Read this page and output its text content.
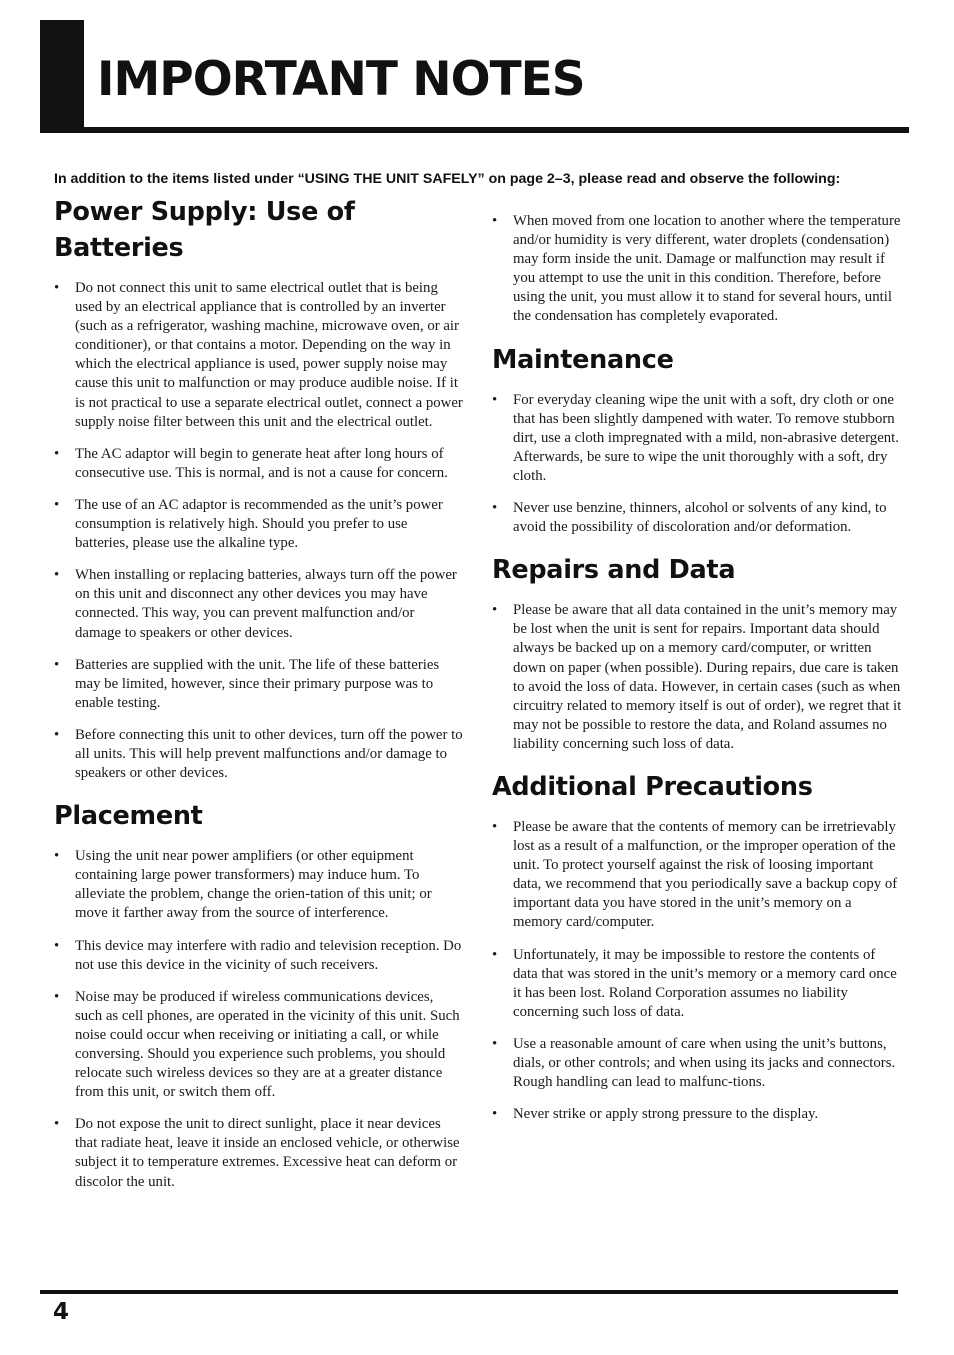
IMPORTANT NOTES

In addition to the items listed under “USING THE UNIT SAFELY” on page 2–3, please read and observe the following:

Power Supply: Use of Batteries
• Do not connect this unit to same electrical outlet that is being used by an electrical appliance that is controlled by an inverter (such as a refrigerator, washing machine, microwave oven, or air conditioner), or that contains a motor. Depending on the way in which the electrical appliance is used, power supply noise may cause this unit to malfunction or may produce audible noise. If it is not practical to use a separate electrical outlet, connect a power supply noise filter between this unit and the electrical outlet.
• The AC adaptor will begin to generate heat after long hours of consecutive use. This is normal, and is not a cause for concern.
• The use of an AC adaptor is recommended as the unit’s power consumption is relatively high. Should you prefer to use batteries, please use the alkaline type.
• When installing or replacing batteries, always turn off the power on this unit and disconnect any other devices you may have connected. This way, you can prevent malfunction and/or damage to speakers or other devices.
• Batteries are supplied with the unit. The life of these batteries may be limited, however, since their primary purpose was to enable testing.
• Before connecting this unit to other devices, turn off the power to all units. This will help prevent malfunctions and/or damage to speakers or other devices.
Placement
• Using the unit near power amplifiers (or other equipment containing large power transformers) may induce hum. To alleviate the problem, change the orien-tation of this unit; or move it farther away from the source of interference.
• This device may interfere with radio and television reception. Do not use this device in the vicinity of such receivers.
• Noise may be produced if wireless communications devices, such as cell phones, are operated in the vicinity of this unit. Such noise could occur when receiving or initiating a call, or while conversing. Should you experience such problems, you should relocate such wireless devices so they are at a greater distance from this unit, or switch them off.
• Do not expose the unit to direct sunlight, place it near devices that radiate heat, leave it inside an enclosed vehicle, or otherwise subject it to temperature extremes. Excessive heat can deform or discolor the unit.
• When moved from one location to another where the temperature and/or humidity is very different, water droplets (condensation) may form inside the unit. Damage or malfunction may result if you attempt to use the unit in this condition. Therefore, before using the unit, you must allow it to stand for several hours, until the condensation has completely evaporated.
Maintenance
• For everyday cleaning wipe the unit with a soft, dry cloth or one that has been slightly dampened with water. To remove stubborn dirt, use a cloth impregnated with a mild, non-abrasive detergent. Afterwards, be sure to wipe the unit thoroughly with a soft, dry cloth.
• Never use benzine, thinners, alcohol or solvents of any kind, to avoid the possibility of discoloration and/or deformation.
Repairs and Data
• Please be aware that all data contained in the unit’s memory may be lost when the unit is sent for repairs. Important data should always be backed up on a memory card/computer, or written down on paper (when possible). During repairs, due care is taken to avoid the loss of data. However, in certain cases (such as when circuitry related to memory itself is out of order), we regret that it may not be possible to restore the data, and Roland assumes no liability concerning such loss of data.
Additional Precautions
• Please be aware that the contents of memory can be irretrievably lost as a result of a malfunction, or the improper operation of the unit. To protect yourself against the risk of loosing important data, we recommend that you periodically save a backup copy of important data you have stored in the unit’s memory on a memory card/computer.
• Unfortunately, it may be impossible to restore the contents of data that was stored in the unit’s memory or a memory card once it has been lost. Roland Corporation assumes no liability concerning such loss of data.
• Use a reasonable amount of care when using the unit’s buttons, dials, or other controls; and when using its jacks and connectors. Rough handling can lead to malfunc-tions.
• Never strike or apply strong pressure to the display.

4
